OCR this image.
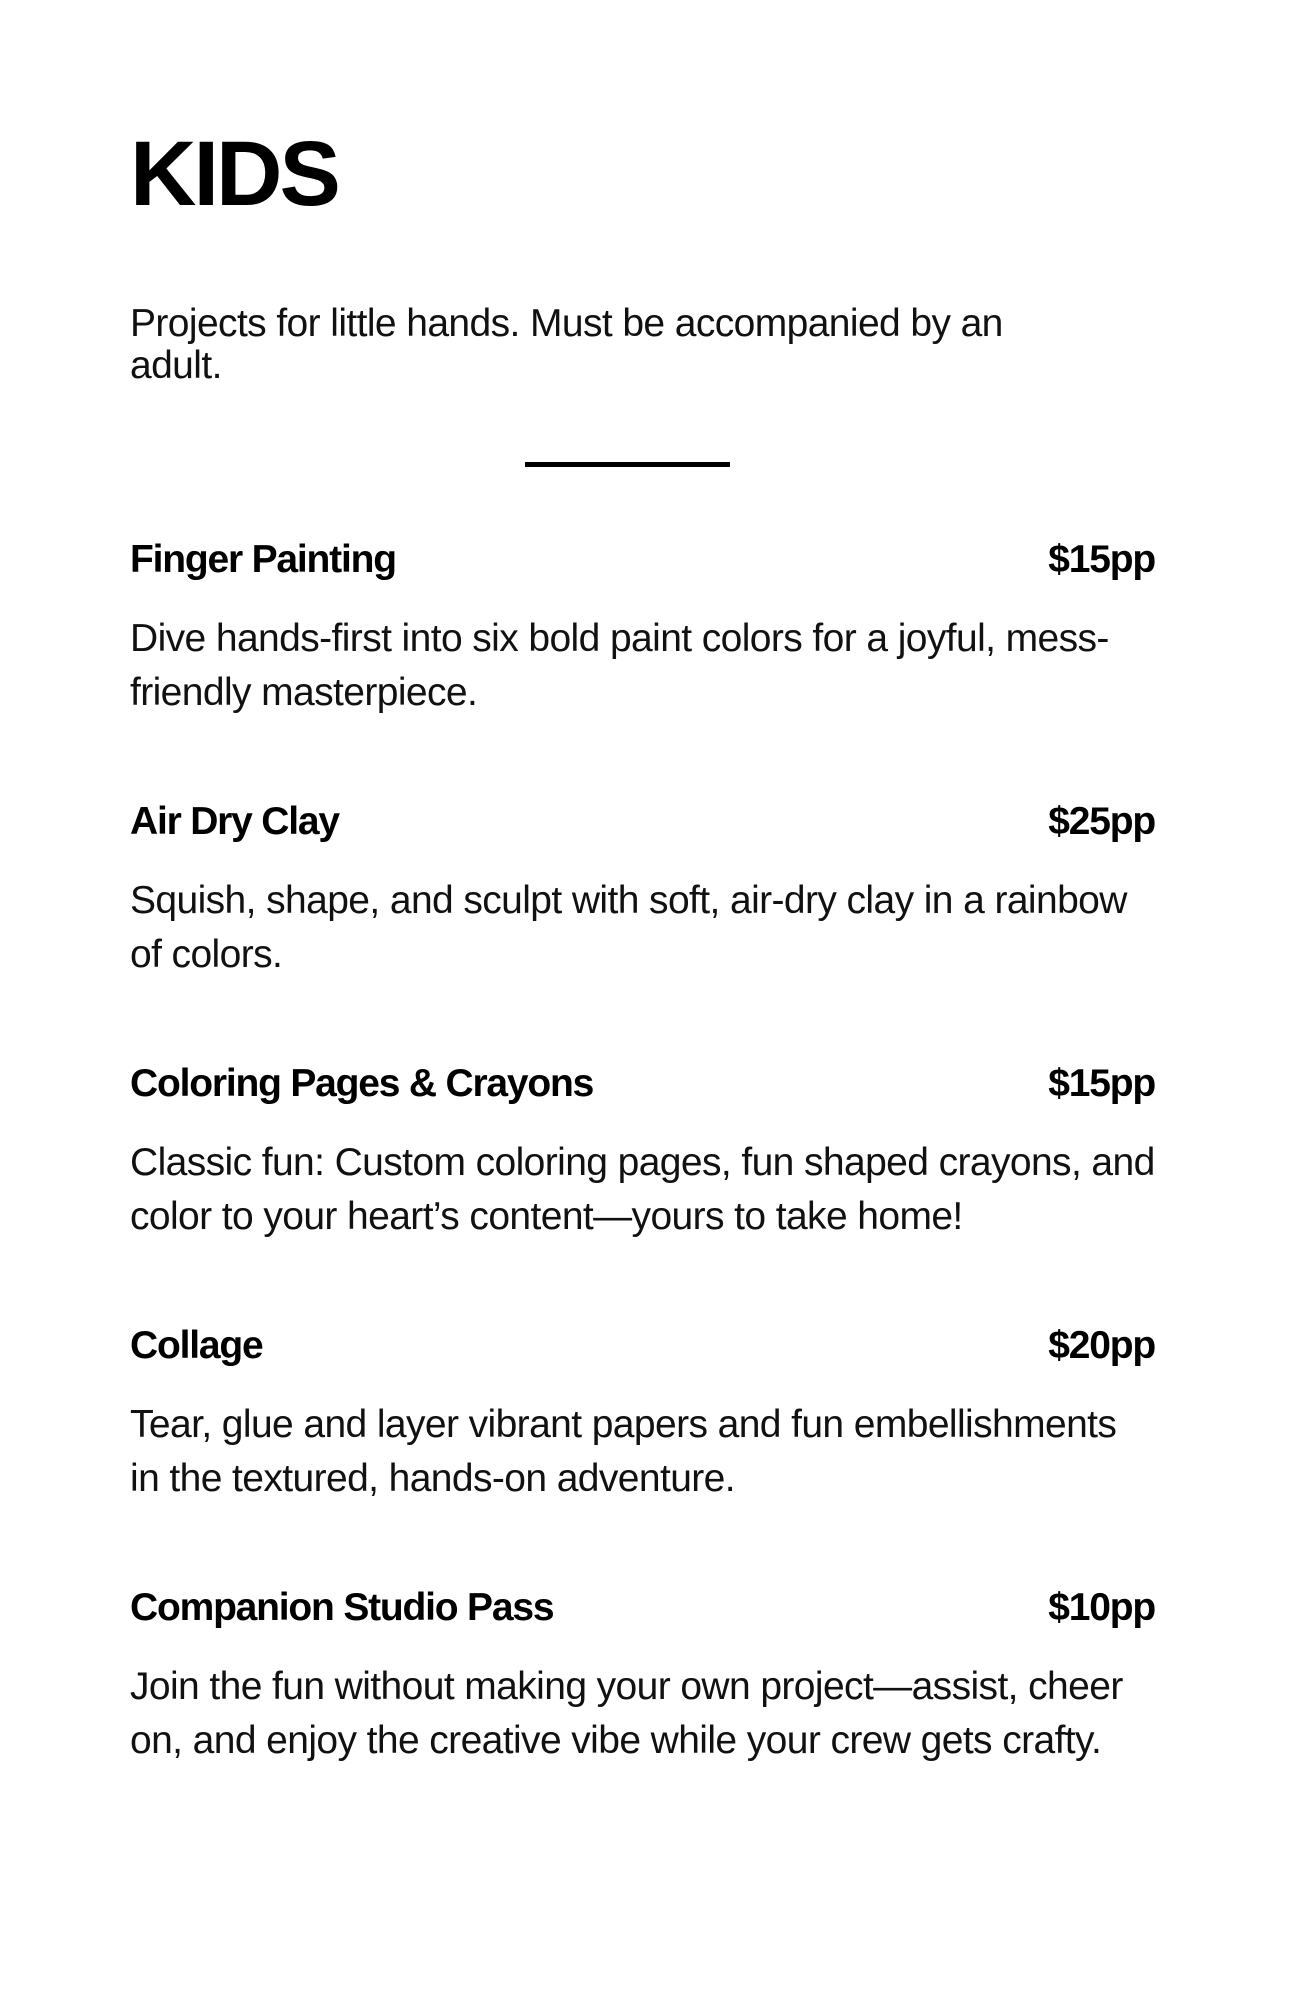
KIDS

Projects for little hands. Must be accompanied by an adult.

Finger Painting	$15pp

Dive hands-first into six bold paint colors for a joyful, mess-friendly masterpiece.

Air Dry Clay	$25pp

Squish, shape, and sculpt with soft, air-dry clay in a rainbow of colors.

Coloring Pages & Crayons	$15pp

Classic fun: Custom coloring pages, fun shaped crayons, and color to your heart’s content—yours to take home!

Collage	$20pp

Tear, glue and layer vibrant papers and fun embellishments in the textured, hands-on adventure.

Companion Studio Pass	$10pp

Join the fun without making your own project—assist, cheer on, and enjoy the creative vibe while your crew gets crafty.
